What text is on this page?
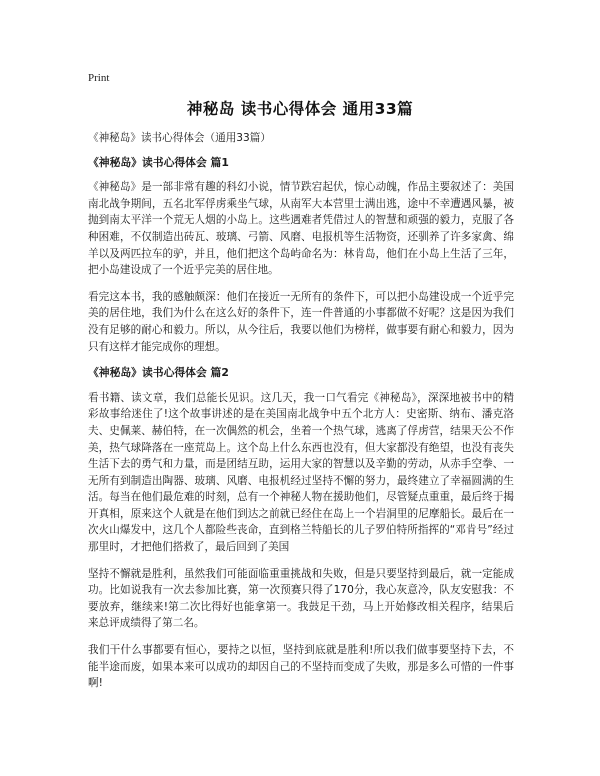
Print
神秘岛 读书心得体会 通用33篇
《神秘岛》读书心得体会（通用33篇）
《神秘岛》读书心得体会 篇1

《神秘岛》是一部非常有趣的科幻小说，情节跌宕起伏，惊心动魄，作品主要叙述了：美国南北战争期间，五名北军俘虏乘坐气球，从南军大本营里士满出逃，途中不幸遭遇风暴，被抛到南太平洋一个荒无人烟的小岛上。这些遇难者凭借过人的智慧和顽强的毅力，克服了各种困难，不仅制造出砖瓦、玻璃、弓箭、风磨、电报机等生活物资，还驯养了许多家禽、绵羊以及两匹拉车的驴，并且，他们把这个岛屿命名为：林肯岛，他们在小岛上生活了三年，把小岛建设成了一个近乎完美的居住地。

看完这本书，我的感触颇深：他们在接近一无所有的条件下，可以把小岛建设成一个近乎完美的居住地，我们为什么在这么好的条件下，连一件普通的小事都做不好呢？这是因为我们没有足够的耐心和毅力。所以，从今往后，我要以他们为榜样，做事要有耐心和毅力，因为只有这样才能完成你的理想。

《神秘岛》读书心得体会 篇2

看书籍、读文章，我们总能长见识。这几天，我一口气看完《神秘岛》，深深地被书中的精彩故事给迷住了!这个故事讲述的是在美国南北战争中五个北方人：史密斯、纳布、潘克洛夫、史佩莱、赫伯特，在一次偶然的机会，坐着一个热气球，逃离了俘虏营，结果天公不作美，热气球降落在一座荒岛上。这个岛上什么东西也没有，但大家都没有绝望，也没有丧失生活下去的勇气和力量，而是团结互助，运用大家的智慧以及辛勤的劳动，从赤手空拳、一无所有到制造出陶器、玻璃、风磨、电报机经过坚持不懈的努力，最终建立了幸福圆满的生活。每当在他们最危难的时刻，总有一个神秘人物在援助他们，尽管疑点重重，最后终于揭开真相，原来这个人就是在他们到达之前就已经住在岛上一个岩洞里的尼摩船长。最后在一次火山爆发中，这几个人都险些丧命，直到格兰特船长的儿子罗伯特所指挥的“邓肯号”经过那里时，才把他们搭救了，最后回到了美国

坚持不懈就是胜利，虽然我们可能面临重重挑战和失败，但是只要坚持到最后，就一定能成功。比如说我有一次去参加比赛，第一次预赛只得了170分，我心灰意冷，队友安慰我：不要放弃，继续来!第二次比得好也能拿第一。我鼓足干劲，马上开始修改相关程序，结果后来总评成绩得了第二名。

我们干什么事都要有恒心，要持之以恒，坚持到底就是胜利!所以我们做事要坚持下去，不能半途而废，如果本来可以成功的却因自己的不坚持而变成了失败，那是多么可惜的一件事啊!
